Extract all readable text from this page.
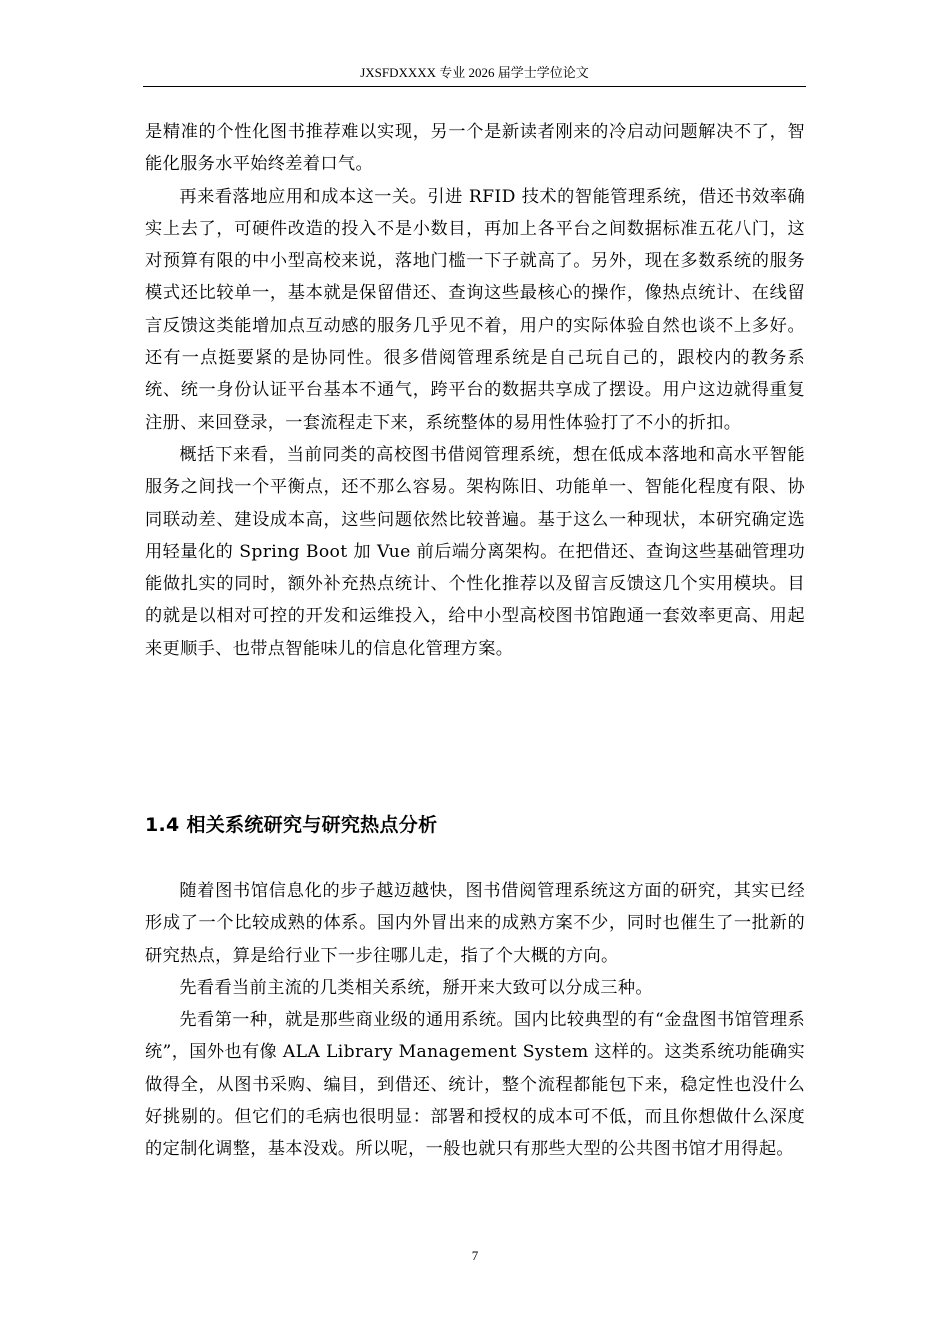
JXSFDXXXX 专业 2026 届学士学位论文

是精准的个性化图书推荐难以实现，另一个是新读者刚来的冷启动问题解决不了，智能化服务水平始终差着口气。

再来看落地应用和成本这一关。引进 RFID 技术的智能管理系统，借还书效率确实上去了，可硬件改造的投入不是小数目，再加上各平台之间数据标准五花八门，这对预算有限的中小型高校来说，落地门槛一下子就高了。另外，现在多数系统的服务模式还比较单一，基本就是保留借还、查询这些最核心的操作，像热点统计、在线留言反馈这类能增加点互动感的服务几乎见不着，用户的实际体验自然也谈不上多好。还有一点挺要紧的是协同性。很多借阅管理系统是自己玩自己的，跟校内的教务系统、统一身份认证平台基本不通气，跨平台的数据共享成了摆设。用户这边就得重复注册、来回登录，一套流程走下来，系统整体的易用性体验打了不小的折扣。

概括下来看，当前同类的高校图书借阅管理系统，想在低成本落地和高水平智能服务之间找一个平衡点，还不那么容易。架构陈旧、功能单一、智能化程度有限、协同联动差、建设成本高，这些问题依然比较普遍。基于这么一种现状，本研究确定选用轻量化的 Spring Boot 加 Vue 前后端分离架构。在把借还、查询这些基础管理功能做扎实的同时，额外补充热点统计、个性化推荐以及留言反馈这几个实用模块。目的就是以相对可控的开发和运维投入，给中小型高校图书馆跑通一套效率更高、用起来更顺手、也带点智能味儿的信息化管理方案。

1.4 相关系统研究与研究热点分析

随着图书馆信息化的步子越迈越快，图书借阅管理系统这方面的研究，其实已经形成了一个比较成熟的体系。国内外冒出来的成熟方案不少，同时也催生了一批新的研究热点，算是给行业下一步往哪儿走，指了个大概的方向。

先看看当前主流的几类相关系统，掰开来大致可以分成三种。

先看第一种，就是那些商业级的通用系统。国内比较典型的有“金盘图书馆管理系统”，国外也有像 ALA Library Management System 这样的。这类系统功能确实做得全，从图书采购、编目，到借还、统计，整个流程都能包下来，稳定性也没什么好挑剔的。但它们的毛病也很明显：部署和授权的成本可不低，而且你想做什么深度的定制化调整，基本没戏。所以呢，一般也就只有那些大型的公共图书馆才用得起。

7
